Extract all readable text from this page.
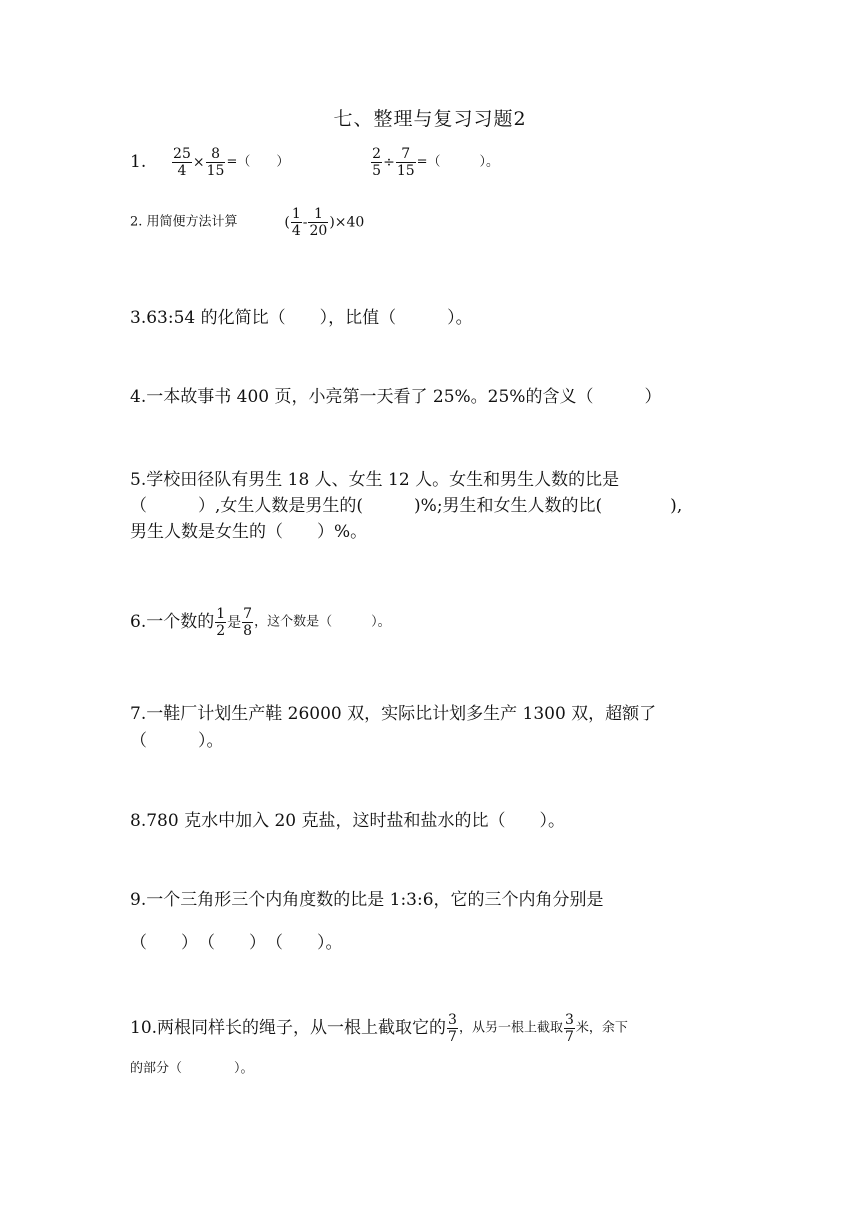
七、整理与复习习题2
1. $\frac{25}{4} \times \frac{8}{15}$ =（　　）	$\frac{2}{5} \div \frac{7}{15}$ =（　　　）。
2. 用简便方法计算	( $\frac{1}{4} - \frac{1}{20} )\times 40$
3.63:54 的化简比（　　），比值（　　　）。
4.一本故事书 400 页，小亮第一天看了 25%。25%的含义（　　　）
5.学校田径队有男生 18 人、女生 12 人。女生和男生人数的比是
（　　　）,女生人数是男生的(　　　)%;男生和女生人数的比(　　　　),
男生人数是女生的（　　）%。
6.一个数的 $\frac{1}{2}$ 是 $\frac{7}{8}$ ，这个数是（　　　）。
7.一鞋厂计划生产鞋 26000 双，实际比计划多生产 1300 双，超额了
（　　　）。
8.780 克水中加入 20 克盐，这时盐和盐水的比（　　）。
9.一个三角形三个内角度数的比是 1:3:6，它的三个内角分别是
（　　）　（　　）　（　　）。
10.两根同样长的绳子，从一根上截取它的 $\frac{3}{7}$ ，从另一根上截取 $\frac{3}{7}$ 米，余下
的部分（　　　　）。
